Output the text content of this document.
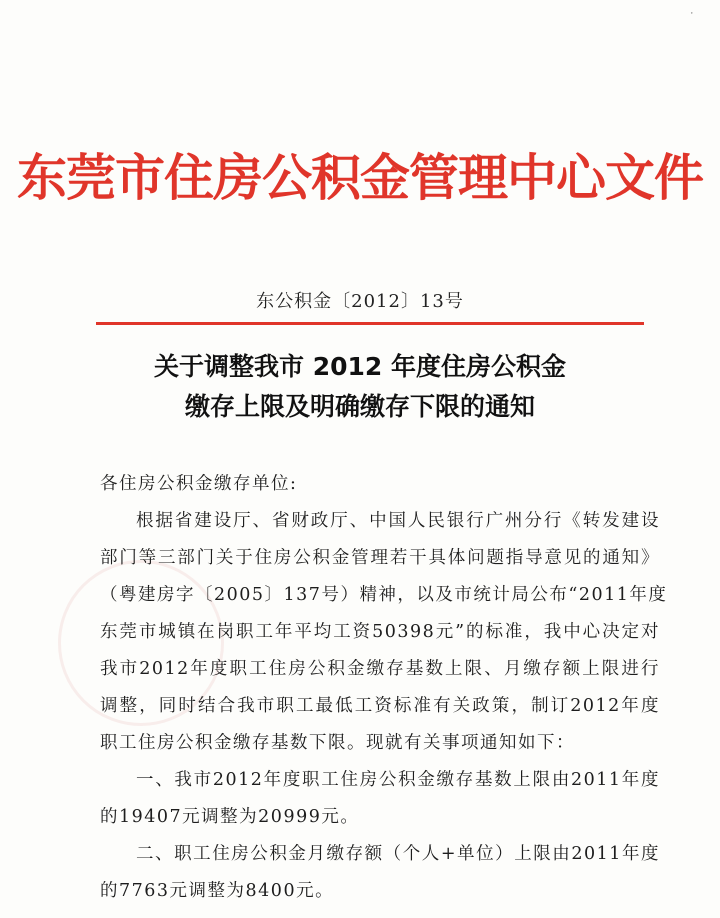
·
东莞市住房公积金管理中心文件
东公积金〔2012〕13号
关于调整我市 2012 年度住房公积金
缴存上限及明确缴存下限的通知
各住房公积金缴存单位:
根据省建设厅、省财政厅、中国人民银行广州分行《转发建设
部门等三部门关于住房公积金管理若干具体问题指导意见的通知》
（粤建房字〔2005〕137号）精神，以及市统计局公布“2011年度
东莞市城镇在岗职工年平均工资50398元”的标准，我中心决定对
我市2012年度职工住房公积金缴存基数上限、月缴存额上限进行
调整，同时结合我市职工最低工资标准有关政策，制订2012年度
职工住房公积金缴存基数下限。现就有关事项通知如下：
一、我市2012年度职工住房公积金缴存基数上限由2011年度
的19407元调整为20999元。
二、职工住房公积金月缴存额（个人+单位）上限由2011年度
的7763元调整为8400元。
